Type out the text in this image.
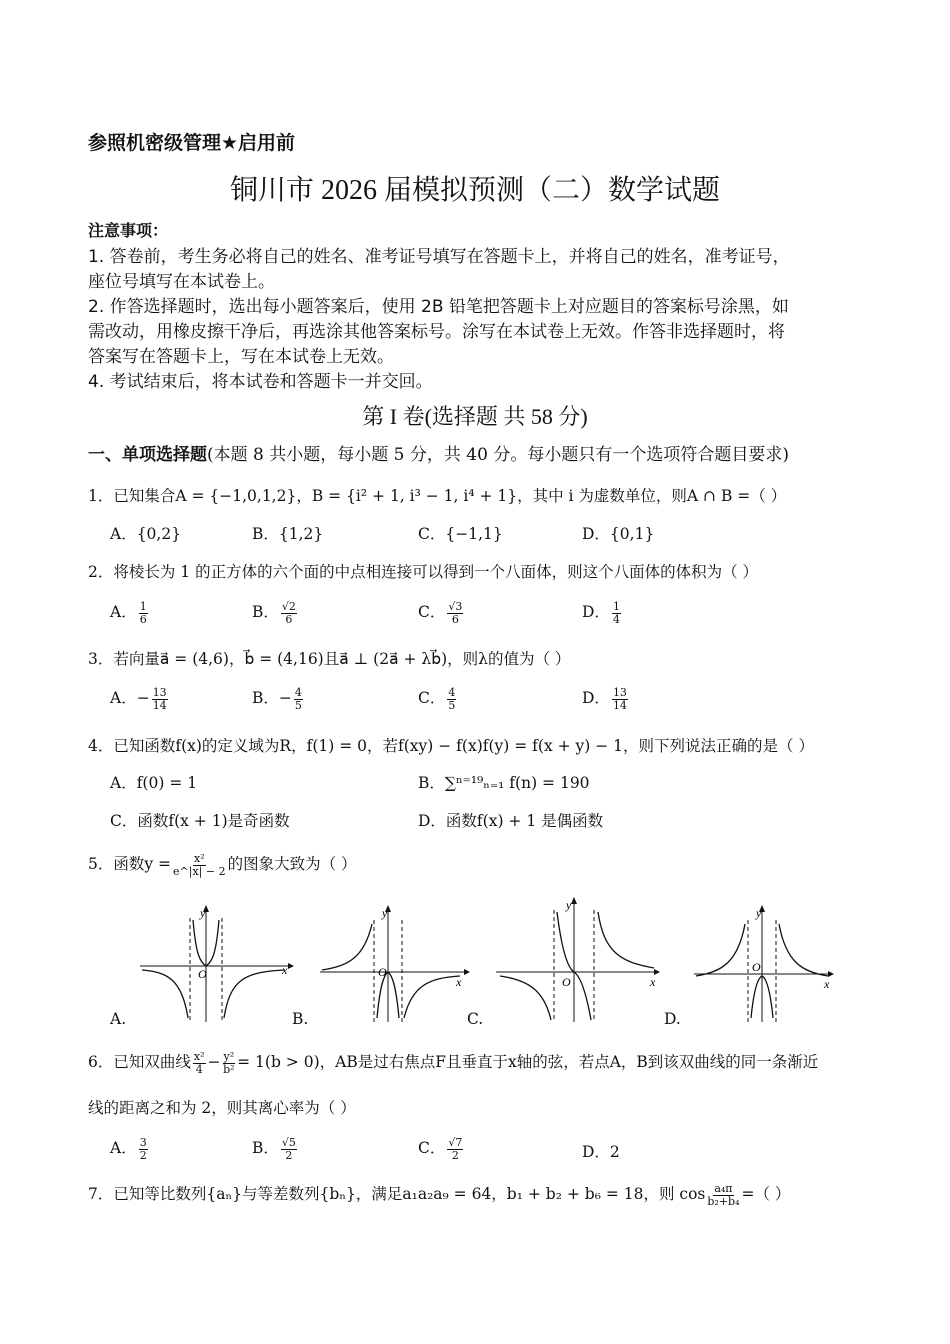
参照机密级管理★启用前
铜川市 2026 届模拟预测（二）数学试题
注意事项：
1. 答卷前，考生务必将自己的姓名、准考证号填写在答题卡上，并将自己的姓名，准考证号，
座位号填写在本试卷上。
2. 作答选择题时，选出每小题答案后，使用 2B 铅笔把答题卡上对应题目的答案标号涂黑，如
需改动，用橡皮擦干净后，再选涂其他答案标号。涂写在本试卷上无效。作答非选择题时，将
答案写在答题卡上，写在本试卷上无效。
4. 考试结束后，将本试卷和答题卡一并交回。
第 I 卷(选择题 共 58 分)
一、单项选择题(本题 8 共小题，每小题 5 分，共 40 分。每小题只有一个选项符合题目要求)
1．已知集合A = {−1,0,1,2}，B = {i² + 1, i³ − 1, i⁴ + 1}，其中 i 为虚数单位，则A ∩ B =（ ）
A．{0,2}	B．{1,2}	C．{−1,1}	D．{0,1}
2．将棱长为 1 的正方体的六个面的中点相连接可以得到一个八面体，则这个八面体的体积为（ ）
A． $\frac{1}{6}$	B． $\frac{√2}{6}$	C． $\frac{√3}{6}$	D． $\frac{1}{4}$
3．若向量a⃗ = (4,6)，b⃗ = (4,16)且a⃗ ⊥ (2a⃗ + λb⃗)，则λ的值为（ ）
A．− $\frac{13}{14}$	B．− $\frac{4}{5}$	C． $\frac{4}{5}$	D． $\frac{13}{14}$
4．已知函数f(x)的定义域为R，f(1) = 0，若f(xy) − f(x)f(y) = f(x + y) − 1，则下列说法正确的是（ ）
A．f(0) = 1	B．∑ⁿ⁼¹⁹ₙ₌₁ f(n) = 190
C．函数f(x + 1)是奇函数	D．函数f(x) + 1 是偶函数
5．函数$y = \frac{\text{x²}}{e\^{}|x| - 2}$ 的图象大致为（ ）
y
x
O
y
x
O
y
x
O
y
x
O
A.	B.	C.	D.
6．已知双曲线 $\frac{\text{x²}}{4} - \frac{\text{y²}}{\text{b²}} = 1(b > 0)$，AB是过右焦点F且垂直于x轴的弦，若点A，B到该双曲线的同一条渐近
线的距离之和为 2，则其离心率为（ ）
A． $\frac{3}{2}$	B． $\frac{√5}{2}$	C． $\frac{√7}{2}$	D．2
7．已知等比数列{aₙ}与等差数列{bₙ}，满足a₁a₂a₉ = 64，b₁ + b₂ + b₆ = 18，则 $\cos \frac{\text{a₄π}}{\text{b₂+b₄}}$ =（ ）
